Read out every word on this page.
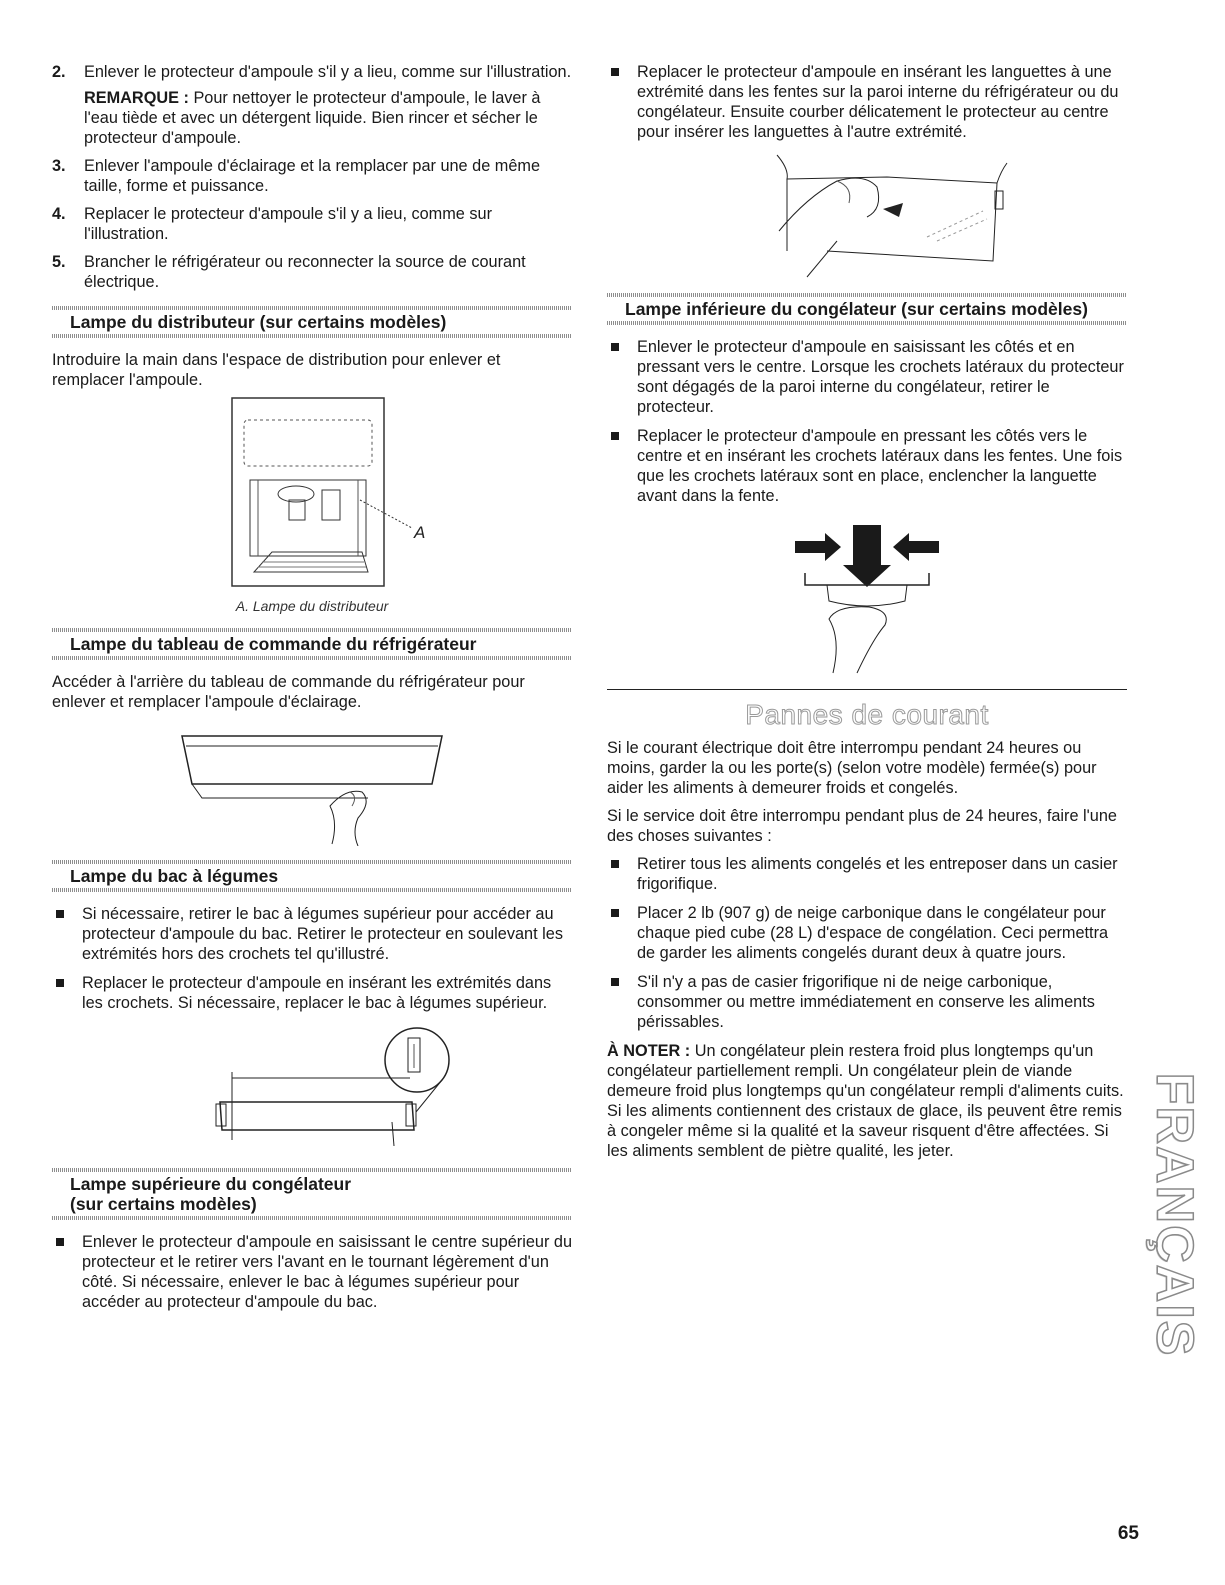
2. Enlever le protecteur d'ampoule s'il y a lieu, comme sur l'illustration.

REMARQUE : Pour nettoyer le protecteur d'ampoule, le laver à l'eau tiède et avec un détergent liquide. Bien rincer et sécher le protecteur d'ampoule.

3. Enlever l'ampoule d'éclairage et la remplacer par une de même taille, forme et puissance.
4. Replacer le protecteur d'ampoule s'il y a lieu, comme sur l'illustration.
5. Brancher le réfrigérateur ou reconnecter la source de courant électrique.
Lampe du distributeur (sur certains modèles)

Introduire la main dans l'espace de distribution pour enlever et remplacer l'ampoule.

A
A. Lampe du distributeur
Lampe du tableau de commande du réfrigérateur

Accéder à l'arrière du tableau de commande du réfrigérateur pour enlever et remplacer l'ampoule d'éclairage.

Lampe du bac à légumes
Si nécessaire, retirer le bac à légumes supérieur pour accéder au protecteur d'ampoule du bac. Retirer le protecteur en soulevant les extrémités hors des crochets tel qu'illustré.
Replacer le protecteur d'ampoule en insérant les extrémités dans les crochets. Si nécessaire, replacer le bac à légumes supérieur.
Lampe supérieure du congélateur
(sur certains modèles)
Enlever le protecteur d'ampoule en saisissant le centre supérieur du protecteur et le retirer vers l'avant en le tournant légèrement d'un côté. Si nécessaire, enlever le bac à légumes supérieur pour accéder au protecteur d'ampoule du bac.
Replacer le protecteur d'ampoule en insérant les languettes à une extrémité dans les fentes sur la paroi interne du réfrigérateur ou du congélateur. Ensuite courber délicatement le protecteur au centre pour insérer les languettes à l'autre extrémité.
Lampe inférieure du congélateur (sur certains modèles)
Enlever le protecteur d'ampoule en saisissant les côtés et en pressant vers le centre. Lorsque les crochets latéraux du protecteur sont dégagés de la paroi interne du congélateur, retirer le protecteur.
Replacer le protecteur d'ampoule en pressant les côtés vers le centre et en insérant les crochets latéraux dans les fentes. Une fois que les crochets latéraux sont en place, enclencher la languette avant dans la fente.
Pannes de courant

Si le courant électrique doit être interrompu pendant 24 heures ou moins, garder la ou les porte(s) (selon votre modèle) fermée(s) pour aider les aliments à demeurer froids et congelés.

Si le service doit être interrompu pendant plus de 24 heures, faire l'une des choses suivantes :

Retirer tous les aliments congelés et les entreposer dans un casier frigorifique.
Placer 2 lb (907 g) de neige carbonique dans le congélateur pour chaque pied cube (28 L) d'espace de congélation. Ceci permettra de garder les aliments congelés durant deux à quatre jours.
S'il n'y a pas de casier frigorifique ni de neige carbonique, consommer ou mettre immédiatement en conserve les aliments périssables.

À NOTER : Un congélateur plein restera froid plus longtemps qu'un congélateur partiellement rempli. Un congélateur plein de viande demeure froid plus longtemps qu'un congélateur rempli d'aliments cuits. Si les aliments contiennent des cristaux de glace, ils peuvent être remis à congeler même si la qualité et la saveur risquent d'être affectées. Si les aliments semblent de piètre qualité, les jeter.	FRANÇAIS
65
